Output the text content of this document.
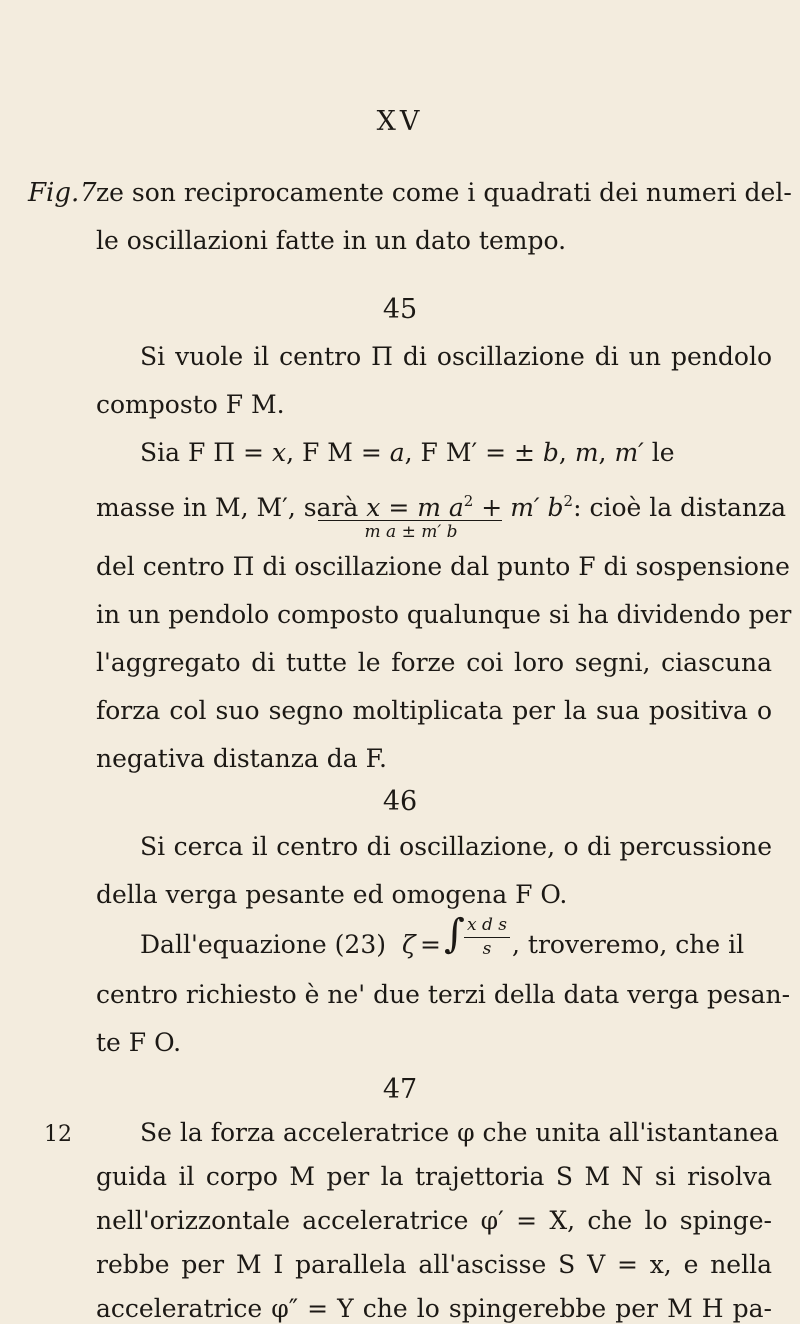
XV
Fig. 7 ze son reciprocamente come i quadrati dei numeri del-
le oscillazioni fatte in un dato tempo.
45
Si vuole il centro Π di oscillazione di un pendolo
composto F M.
Sia F Π = x, F M = a, F M′ = ± b, m, m′ le
masse in M, M′, sarà x = m $a^2 + m'$ $b^2$: cioè la distanza
m a ± m′ b
del centro Π di oscillazione dal punto F di sospensione
in un pendolo composto qualunque si ha dividendo per
l'aggregato di tutte le forze coi loro segni, ciascuna
forza col suo segno moltiplicata per la sua positiva o
negativa distanza da F.
46
Si cerca il centro di oscillazione, o di percussione
della verga pesante ed omogena F O.
Dall'equazione (23) ζ = ∫ x d s
s , troveremo, che il
centro richiesto è ne' due terzi della data verga pesan-
te F O.
47
12	Se la forza acceleratrice φ che unita all'istantanea
guida il corpo M per la trajettoria S M N si risolva
nell'orizzontale acceleratrice φ′ = X, che lo spinge-
rebbe per M I parallela all'ascisse S V = x, e nella
acceleratrice φ″ = Y che lo spingerebbe per M H pa-
